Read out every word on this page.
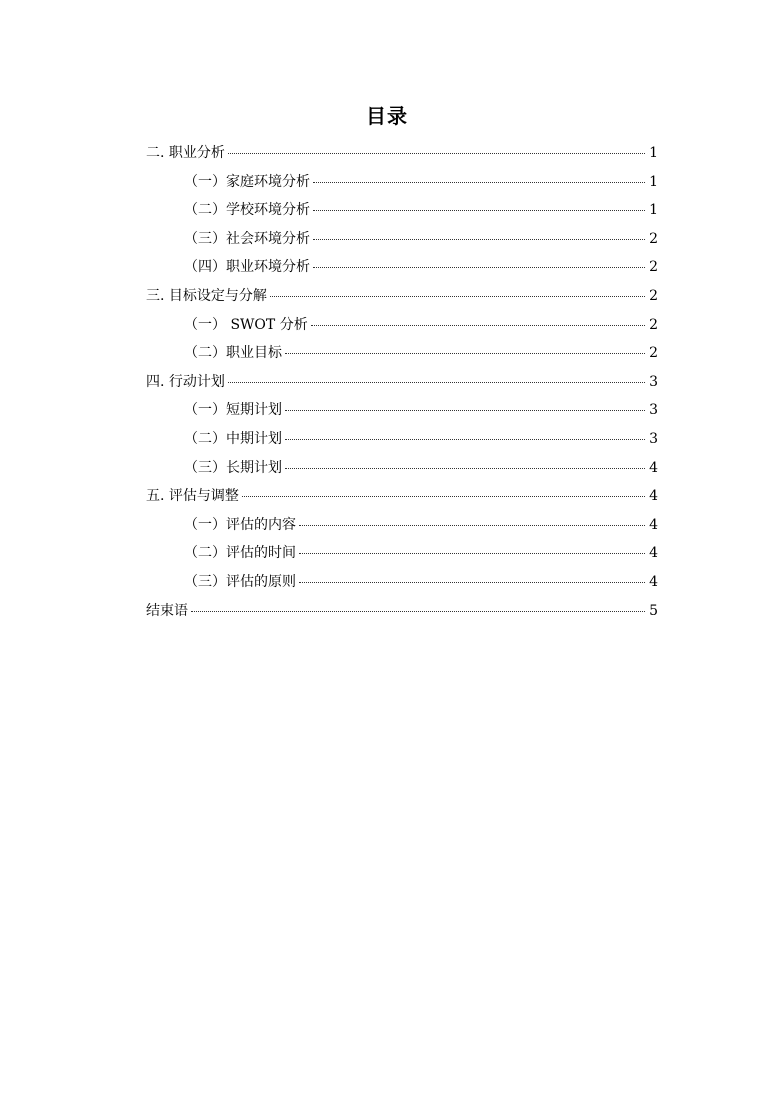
目录
二. 职业分析	1
（一）家庭环境分析	1
（二）学校环境分析	1
（三）社会环境分析	2
（四）职业环境分析	2
三. 目标设定与分解	2
（一） SWOT 分析	2
（二）职业目标	2
四. 行动计划	3
（一）短期计划	3
（二）中期计划	3
（三）长期计划	4
五. 评估与调整	4
（一）评估的内容	4
（二）评估的时间	4
（三）评估的原则	4
结束语	5
